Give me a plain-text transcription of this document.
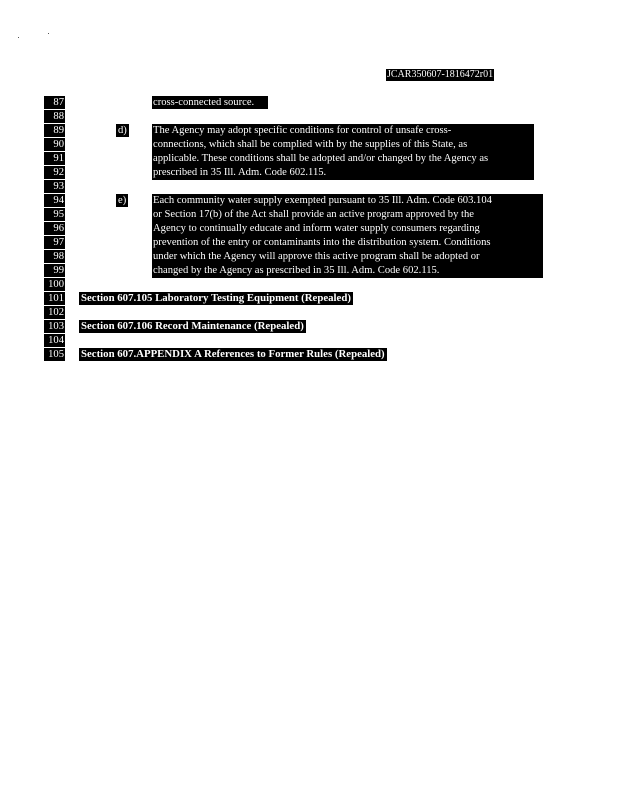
JCAR350607-1816472r01
87
88
89
90
91
92
93
94
95
96
97
98
99
100
101
102
103
104
105
cross-connected source.
d) The Agency may adopt specific conditions for control of unsafe cross-
connections, which shall be complied with by the supplies of this State, as
applicable. These conditions shall be adopted and/or changed by the Agency as
prescribed in 35 Ill. Adm. Code 602.115.
e)	Each community water supply exempted pursuant to 35 Ill. Adm. Code 603.104
or Section 17(b) of the Act shall provide an active program approved by the
Agency to continually educate and inform water supply consumers regarding
prevention of the entry or contaminants into the distribution system. Conditions
under which the Agency will approve this active program shall be adopted or
changed by the Agency as prescribed in 35 Ill. Adm. Code 602.115.
Section 607.105 Laboratory Testing Equipment (Repealed)
Section 607.106 Record Maintenance (Repealed)
Section 607.APPENDIX A References to Former Rules (Repealed)
